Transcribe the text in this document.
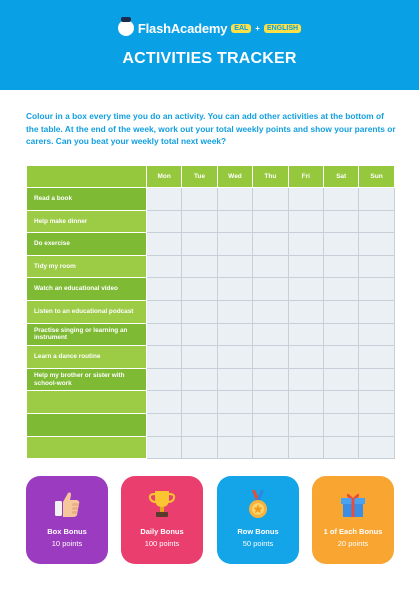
FlashAcademy	EAL +	ENGLISH
ACTIVITIES TRACKER

Colour in a box every time you do an activity. You can add other activities at the bottom of the table. At the end of the week, work out your total weekly points and show your parents or carers. Can you beat your weekly total next week?

	Mon	Tue	Wed	Thu	Fri	Sat	Sun
Read a book							
Help make dinner							
Do exercise							
Tidy my room							
Watch an educational video							
Listen to an educational podcast							
Practise singing or learning an instrument							
Learn a dance routine							
Help my brother or sister with school-work							

Box Bonus
10 points
Daily Bonus
100 points
Row Bonus
50 points
1 of Each Bonus
20 points
